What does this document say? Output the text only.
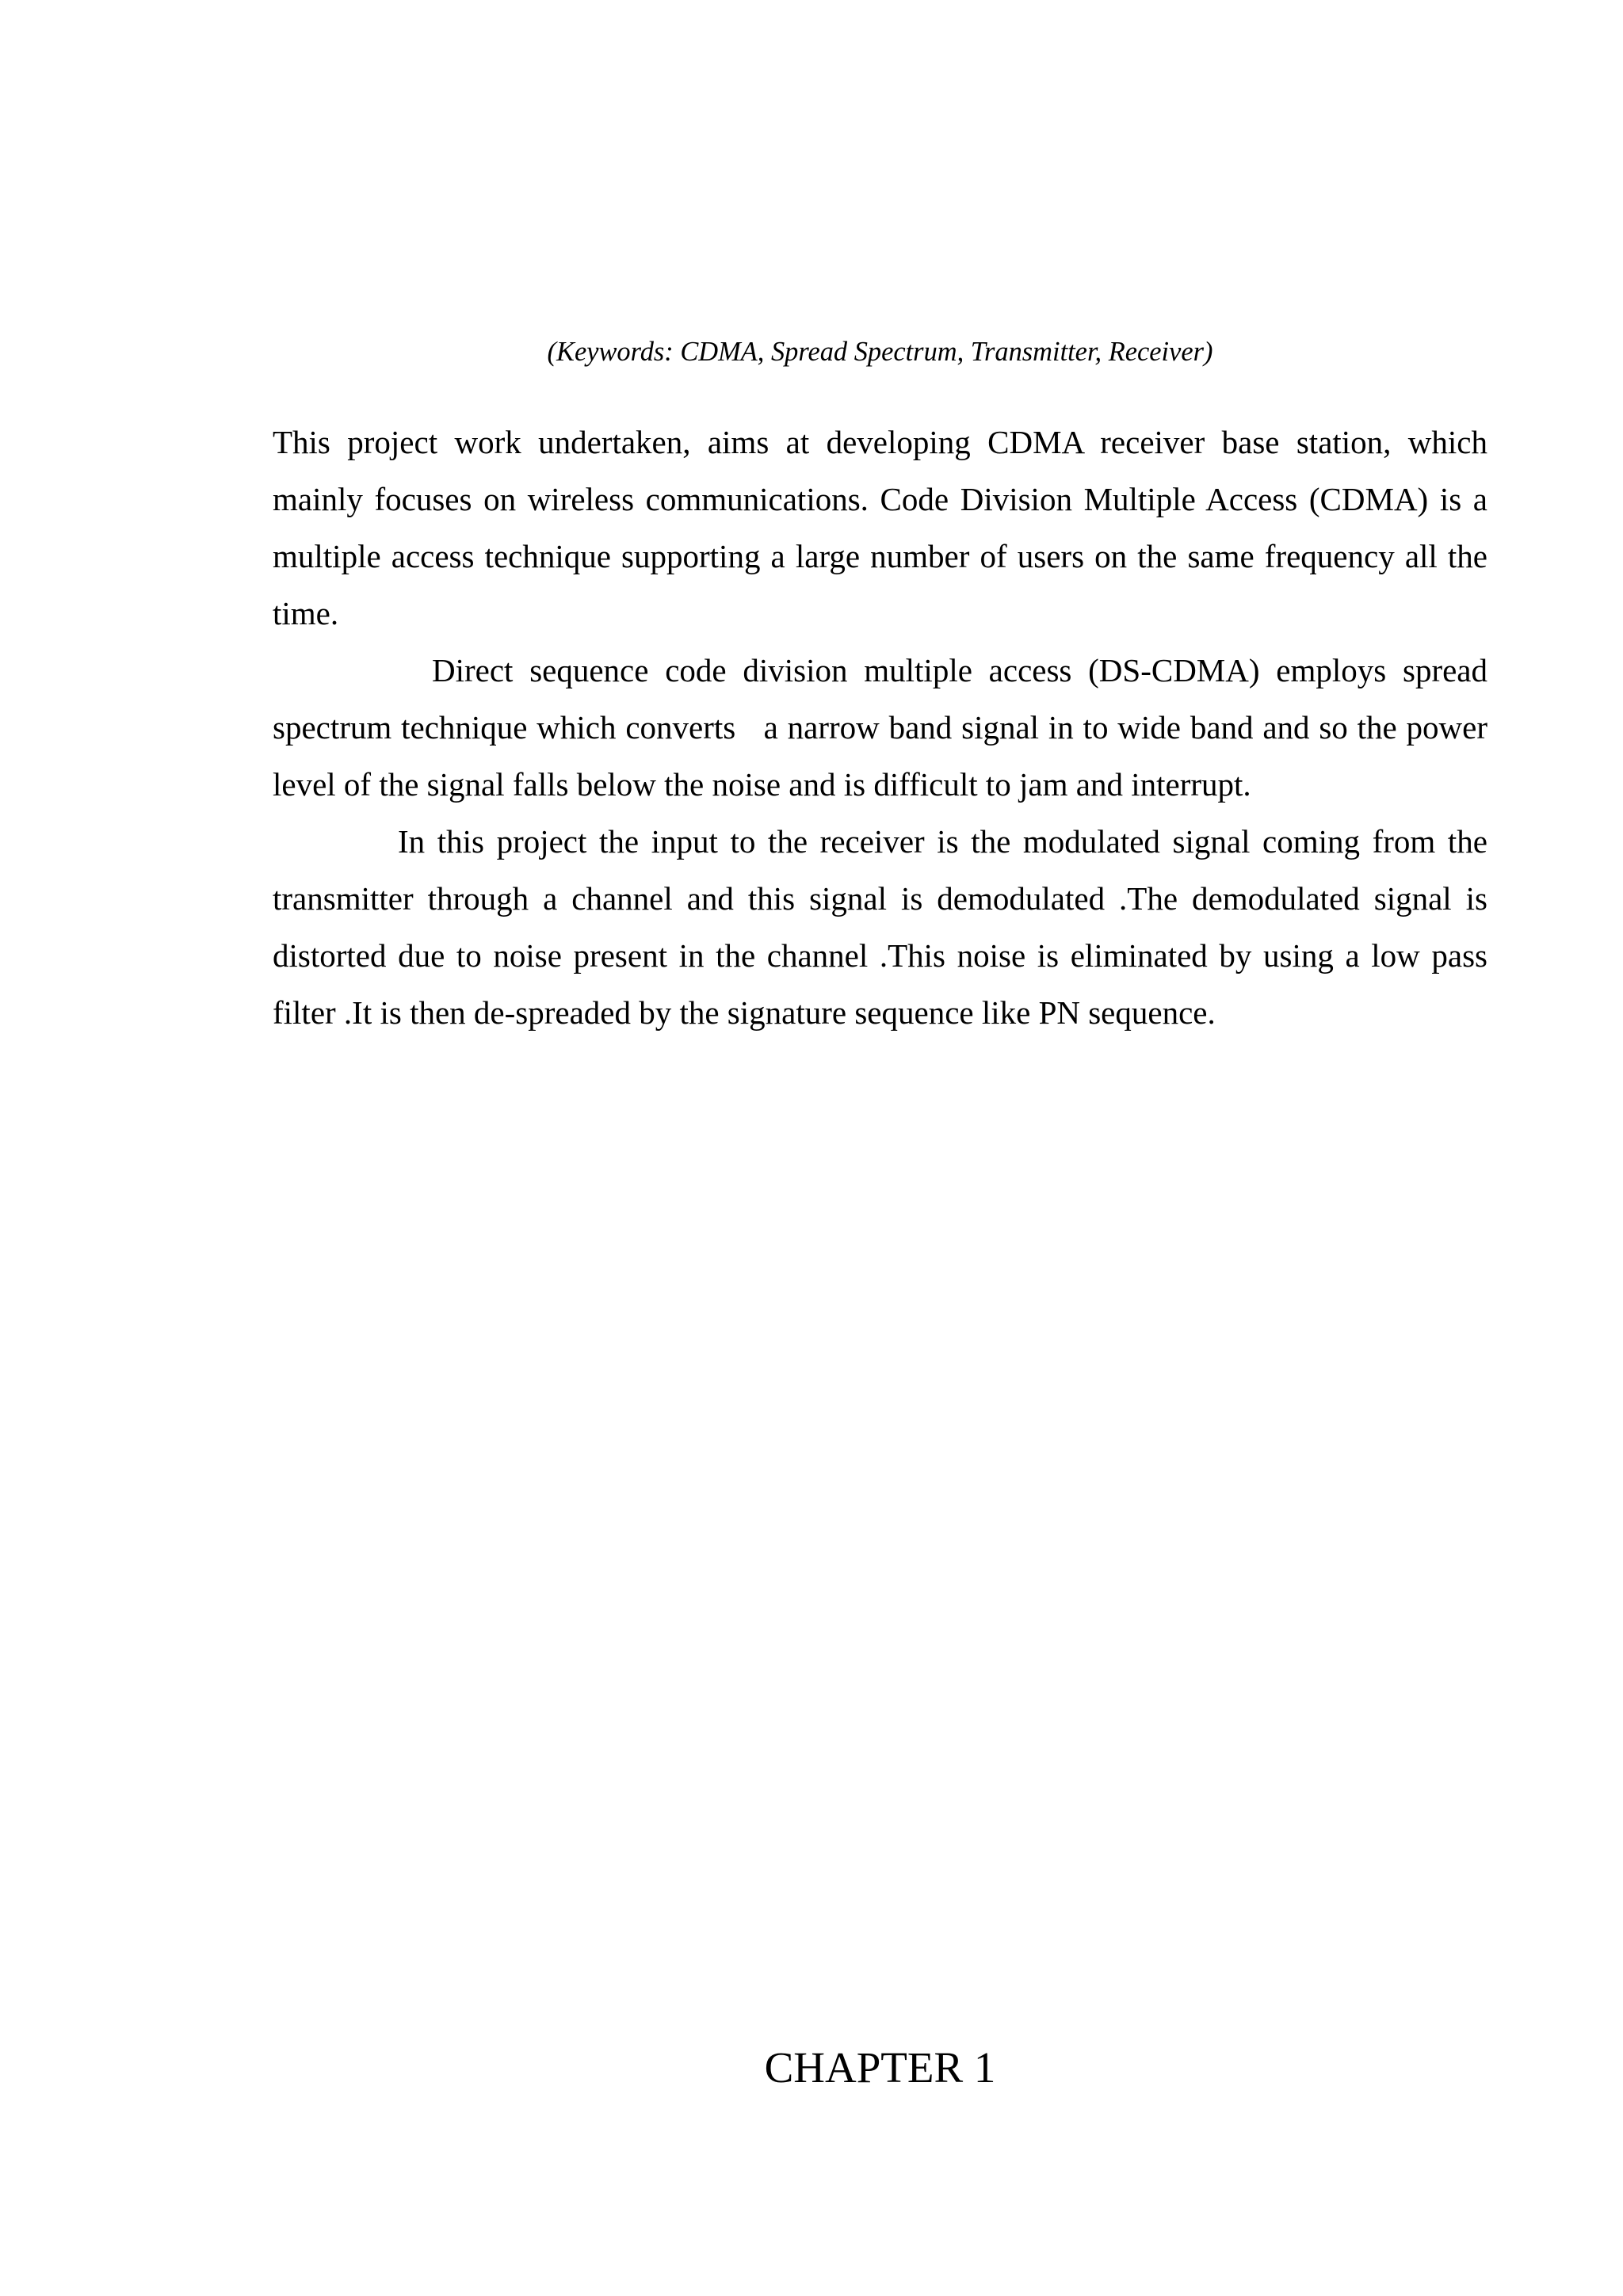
(Keywords: CDMA, Spread Spectrum, Transmitter, Receiver)
This project work undertaken, aims at developing CDMA receiver base station, which
mainly focuses on wireless communications. Code Division Multiple Access (CDMA) is a
multiple access technique supporting a large number of users on the same frequency all the
time.
Direct sequence code division multiple access (DS-CDMA) employs spread
spectrum technique which converts   a narrow band signal in to wide band and so the power
level of the signal falls below the noise and is difficult to jam and interrupt.
In this project the input to the receiver is the modulated signal coming from the
transmitter through a channel and this signal is demodulated .The demodulated signal is
distorted due to noise present in the channel .This noise is eliminated by using a low pass
filter .It is then de-spreaded by the signature sequence like PN sequence.
CHAPTER 1
